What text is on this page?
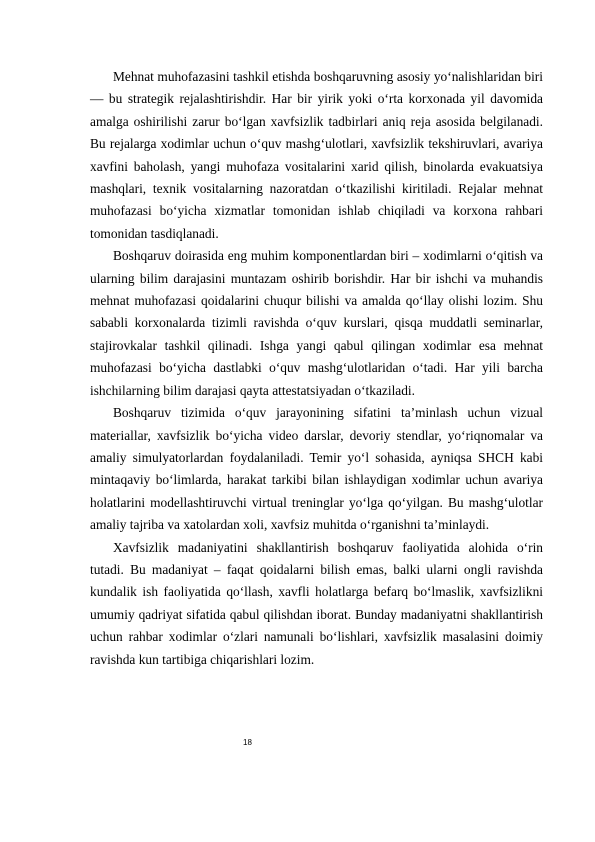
Mehnat muhofazasini tashkil etishda boshqaruvning asosiy yo‘nalishlaridan biri — bu strategik rejalashtirishdir. Har bir yirik yoki o‘rta korxonada yil davomida amalga oshirilishi zarur bo‘lgan xavfsizlik tadbirlari aniq reja asosida belgilanadi. Bu rejalarga xodimlar uchun o‘quv mashg‘ulotlari, xavfsizlik tekshiruvlari, avariya xavfini baholash, yangi muhofaza vositalarini xarid qilish, binolarda evakuatsiya mashqlari, texnik vositalarning nazoratdan o‘tkazilishi kiritiladi. Rejalar mehnat muhofazasi bo‘yicha xizmatlar tomonidan ishlab chiqiladi va korxona rahbari tomonidan tasdiqlanadi.

Boshqaruv doirasida eng muhim komponentlardan biri – xodimlarni o‘qitish va ularning bilim darajasini muntazam oshirib borishdir. Har bir ishchi va muhandis mehnat muhofazasi qoidalarini chuqur bilishi va amalda qo‘llay olishi lozim. Shu sababli korxonalarda tizimli ravishda o‘quv kurslari, qisqa muddatli seminarlar, stajirovkalar tashkil qilinadi. Ishga yangi qabul qilingan xodimlar esa mehnat muhofazasi bo‘yicha dastlabki o‘quv mashg‘ulotlaridan o‘tadi. Har yili barcha ishchilarning bilim darajasi qayta attestatsiyadan o‘tkaziladi.

Boshqaruv tizimida o‘quv jarayonining sifatini ta’minlash uchun vizual materiallar, xavfsizlik bo‘yicha video darslar, devoriy stendlar, yo‘riqnomalar va amaliy simulyatorlardan foydalaniladi. Temir yo‘l sohasida, ayniqsa SHCH kabi mintaqaviy bo‘limlarda, harakat tarkibi bilan ishlaydigan xodimlar uchun avariya holatlarini modellashtiruvchi virtual treninglar yo‘lga qo‘yilgan. Bu mashg‘ulotlar amaliy tajriba va xatolardan xoli, xavfsiz muhitda o‘rganishni ta’minlaydi.

Xavfsizlik madaniyatini shakllantirish boshqaruv faoliyatida alohida o‘rin tutadi. Bu madaniyat – faqat qoidalarni bilish emas, balki ularni ongli ravishda kundalik ish faoliyatida qo‘llash, xavfli holatlarga befarq bo‘lmaslik, xavfsizlikni umumiy qadriyat sifatida qabul qilishdan iborat. Bunday madaniyatni shakllantirish uchun rahbar xodimlar o‘zlari namunali bo‘lishlari, xavfsizlik masalasini doimiy ravishda kun tartibiga chiqarishlari lozim.

18
